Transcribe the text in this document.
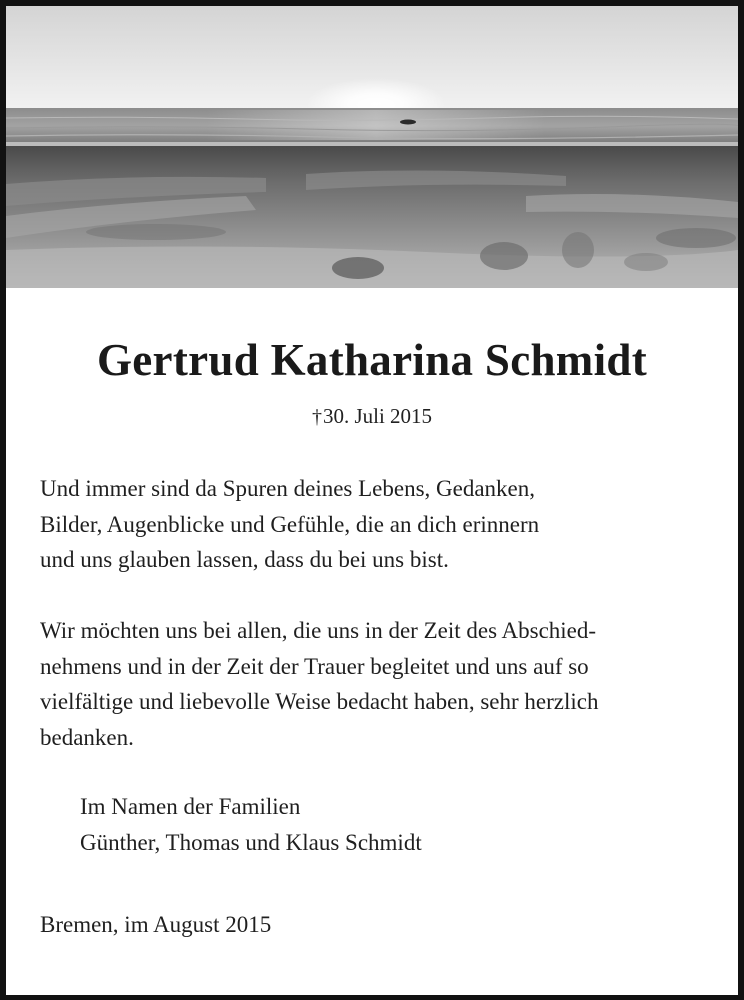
Gertrud Katharina Schmidt
†30. Juli 2015

Und immer sind da Spuren deines Lebens, Gedanken,
Bilder, Augenblicke und Gefühle, die an dich erinnern
und uns glauben lassen, dass du bei uns bist.

Wir möchten uns bei allen, die uns in der Zeit des Abschied-
nehmens und in der Zeit der Trauer begleitet und uns auf so
vielfältige und liebevolle Weise bedacht haben, sehr herzlich
bedanken.

Im Namen der Familien
Günther, Thomas und Klaus Schmidt
Bremen, im August 2015
